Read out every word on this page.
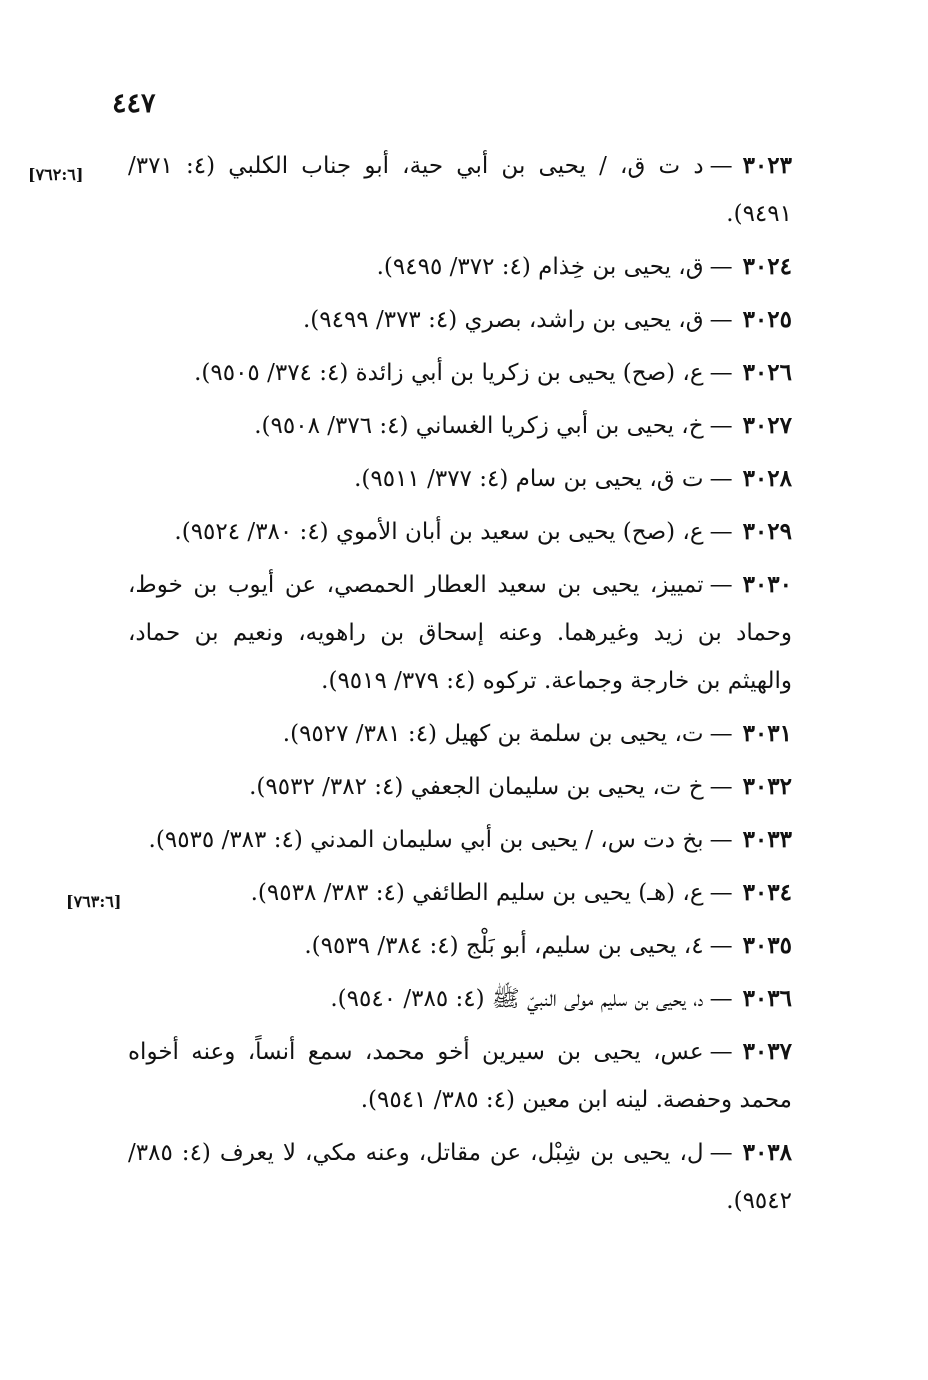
٤٤٧
[٧٦٢:٦]
[٧٦٣:٦]

٣٠٢٣—د ت ق، / يحيى بن أبي حية، أبو جناب الكلبي (٤: ٣٧١/ ٩٤٩١).

٣٠٢٤—ق، يحيى بن خِذام (٤: ٣٧٢/ ٩٤٩٥).

٣٠٢٥—ق، يحيى بن راشد، بصري (٤: ٣٧٣/ ٩٤٩٩).

٣٠٢٦—ع، (صح) يحيى بن زكريا بن أبي زائدة (٤: ٣٧٤/ ٩٥٠٥).

٣٠٢٧—خ، يحيى بن أبي زكريا الغساني (٤: ٣٧٦/ ٩٥٠٨).

٣٠٢٨—ت ق، يحيى بن سام (٤: ٣٧٧/ ٩٥١١).

٣٠٢٩—ع، (صح) يحيى بن سعيد بن أبان الأموي (٤: ٣٨٠/ ٩٥٢٤).

٣٠٣٠—تمييز، يحيى بن سعيد العطار الحمصي، عن أيوب بن خوط، وحماد بن زيد وغيرهما. وعنه إسحاق بن راهويه، ونعيم بن حماد، والهيثم بن خارجة وجماعة. تركوه (٤: ٣٧٩/ ٩٥١٩).

٣٠٣١—ت، يحيى بن سلمة بن كهيل (٤: ٣٨١/ ٩٥٢٧).

٣٠٣٢—خ ت، يحيى بن سليمان الجعفي (٤: ٣٨٢/ ٩٥٣٢).

٣٠٣٣—بخ دت س، / يحيى بن أبي سليمان المدني (٤: ٣٨٣/ ٩٥٣٥).

٣٠٣٤—ع، (هـ) يحيى بن سليم الطائفي (٤: ٣٨٣/ ٩٥٣٨).

٣٠٣٥—٤، يحيى بن سليم، أبو بَلْج (٤: ٣٨٤/ ٩٥٣٩).

٣٠٣٦—د، يحيى بن سليم مولى النبيّ ﷺ (٤: ٣٨٥/ ٩٥٤٠).

٣٠٣٧—عس، يحيى بن سيرين أخو محمد، سمع أنساً، وعنه أخواه محمد وحفصة. لينه ابن معين (٤: ٣٨٥/ ٩٥٤١).

٣٠٣٨—ل، يحيى بن شِبْل، عن مقاتل، وعنه مكي، لا يعرف (٤: ٣٨٥/ ٩٥٤٢).
